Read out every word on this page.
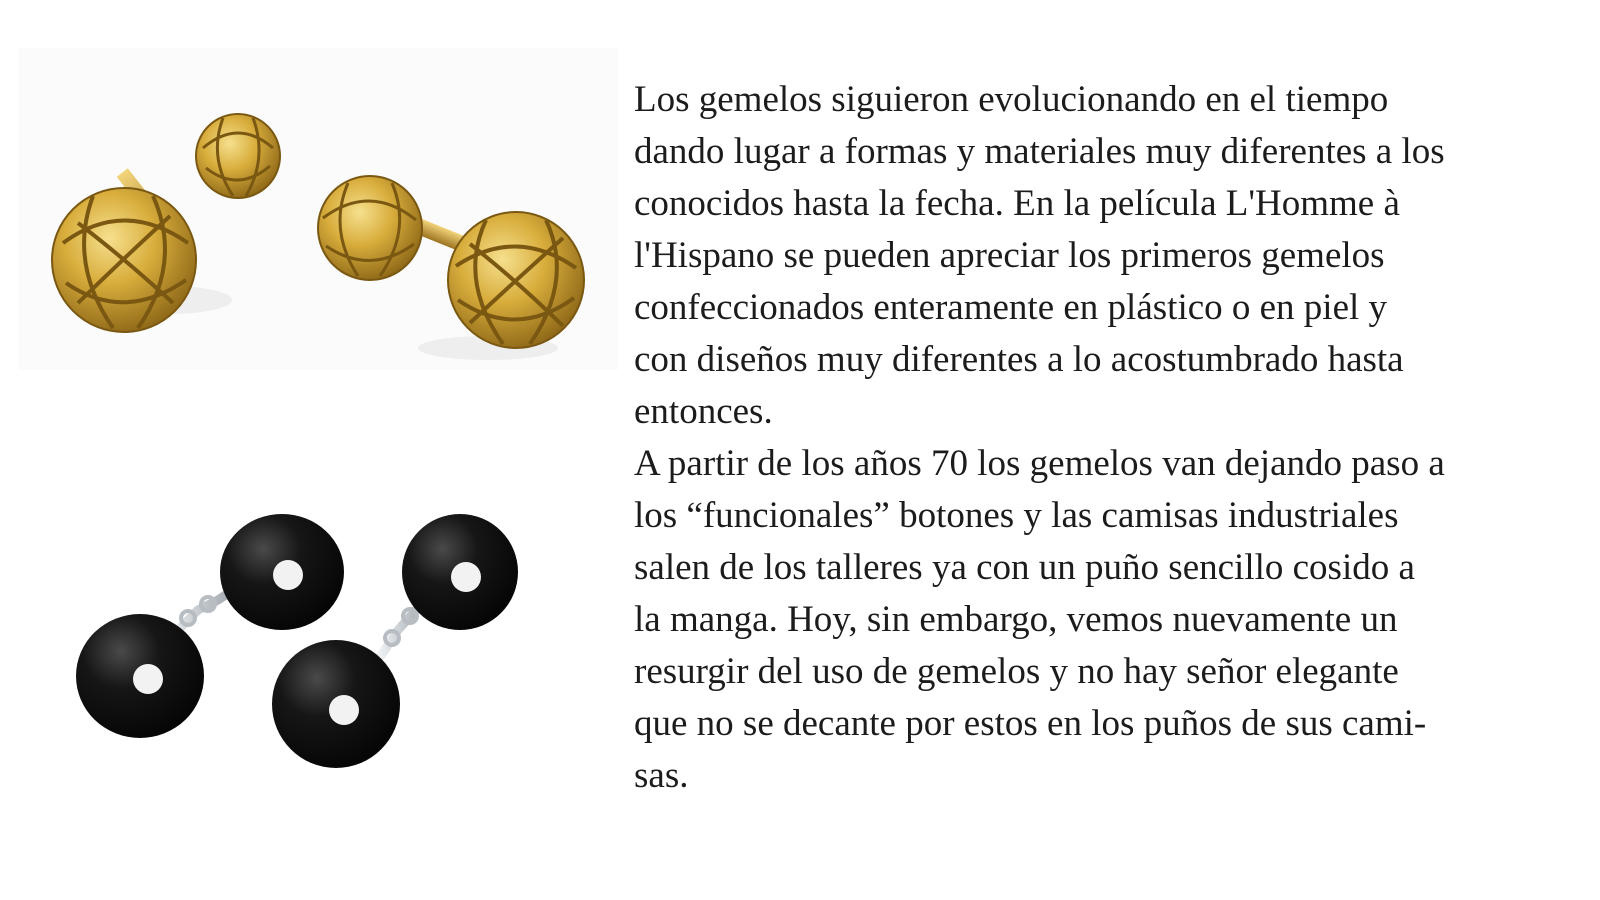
Los gemelos siguieron evolucionando en el tiempo
dando lugar a formas y materiales muy diferentes a los
conocidos hasta la fecha. En la película L'Homme à
l'Hispano se pueden apreciar los primeros gemelos
confeccionados enteramente en plástico o en piel y
con diseños muy diferentes a lo acostumbrado hasta
entonces.

A partir de los años 70 los gemelos van dejando paso a
los “funcionales” botones y las camisas industriales
salen de los talleres ya con un puño sencillo cosido a
la manga. Hoy, sin embargo, vemos nuevamente un
resurgir del uso de gemelos y no hay señor elegante
que no se decante por estos en los puños de sus cami-
sas.
